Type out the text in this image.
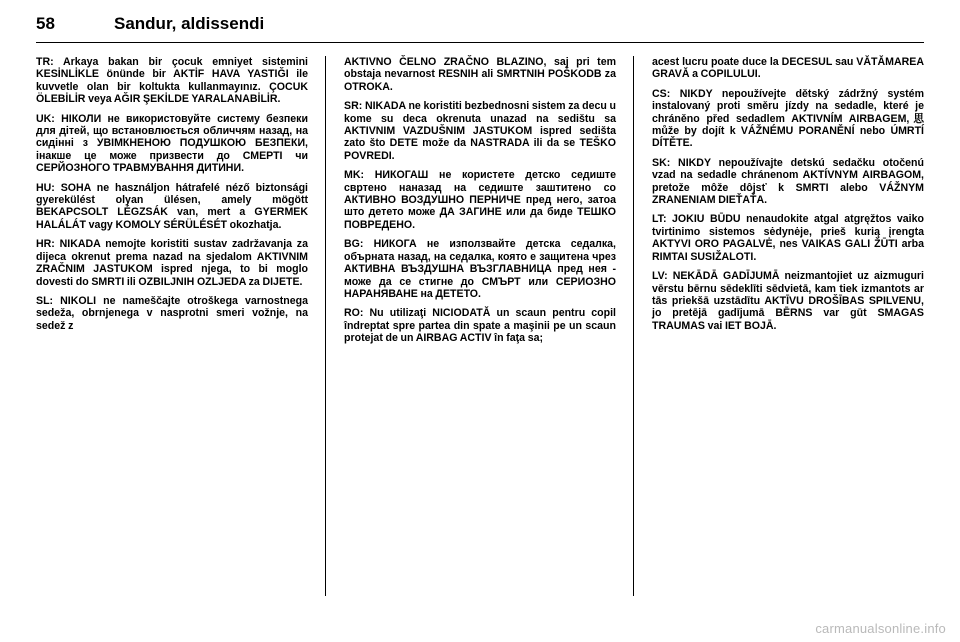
58	Sandur, aldissendi

TR: Arkaya bakan bir çocuk emniyet sistemini KESİNLİKLE önünde bir AKTİF HAVA YASTIĞI ile kuvvetle olan bir koltukta kullanmayınız. ÇOCUK ÖLEBİLİR veya AĞIR ŞEKİLDE YARALANABİLİR.

UK: НІКОЛИ не використовуйте систему безпеки для дітей, що встановлюється обличчям назад, на сидінні з УВІМКНЕНОЮ ПОДУШКОЮ БЕЗПЕКИ, інакше це може призвести до СМЕРТІ чи СЕРЙОЗНОГО ТРАВМУВАННЯ ДИТИНИ.

HU: SOHA ne használjon hátrafelé néző biztonsági gyerekülést olyan ülésen, amely mögött BEKAPCSOLT LÉGZSÁK van, mert a GYERMEK HALÁLÁT vagy KOMOLY SÉRÜLÉSÉT okozhatja.

HR: NIKADA nemojte koristiti sustav zadržavanja za dijeca okrenut prema nazad na sjedalom AKTIVNIM ZRAČNIM JASTUKOM ispred njega, to bi moglo dovesti do SMRTI ili OZBILJNIH OZLJEDA za DIJETE.

SL: NIKOLI ne nameščajte otroškega varnostnega sedeža, obrnjenega v nasprotni smeri vožnje, na sedež z

AKTIVNO ČELNO ZRAČNO BLAZINO, saj pri tem obstaja nevarnost RESNIH ali SMRTNIH POŠKODB za OTROKA.

SR: NIKADA ne koristiti bezbednosni sistem za decu u kome su deca okrenuta unazad na sedištu sa AKTIVNIM VAZDUŠNIM JASTUKOM ispred sedišta zato što DETE može da NASTRADA ili da se TEŠKO POVREDI.

MK: НИКОГАШ не користете детско седиште свртено наназад на седиште заштитено со АКТИВНО ВОЗДУШНО ПЕРНИЧЕ пред него, затоа што детето може ДА ЗАГИНЕ или да биде ТЕШКО ПОВРЕДЕНО.

BG: НИКОГА не използвайте детска седалка, обърната назад, на седалка, която е защитена чрез АКТИВНА ВЪЗДУШНА ВЪЗГЛАВНИЦА пред нея - може да се стигне до СМЪРТ или СЕРИОЗНО НАРАНЯВАНЕ на ДЕТЕТО.

RO: Nu utilizaţi NICIODATĂ un scaun pentru copil îndreptat spre partea din spate a maşinii pe un scaun protejat de un AIRBAG ACTIV în faţa sa;

acest lucru poate duce la DECESUL sau VĂTĂMAREA GRAVĂ a COPILULUI.

CS: NIKDY nepoužívejte dětský zádržný systém instalovaný proti směru jízdy na sedadle, které je chráněno před sedadlem AKTIVNÍM AIRBAGEM,思může by dojít k VÁŽNÉMU PORANĚNÍ nebo ÚMRTÍ DÍTĚTE.

SK: NIKDY nepoužívajte detskú sedačku otočenú vzad na sedadle chránenom AKTÍVNYM AIRBAGOM, pretože môže dôjsť k SMRTI alebo VÁŽNYM ZRANENIAM DIEŤAŤA.

LT: JOKIU BŪDU nenaudokite atgal atgręžtos vaiko tvirtinimo sistemos sėdynėje, prieš kurią įrengta AKTYVI ORO PAGALVĖ, nes VAIKAS GALI ŽŪTI arba RIMTAI SUSIŽALOTI.

LV: NEKĀDĀ GADĪJUMĀ neizmantojiet uz aizmuguri vērstu bērnu sēdeklīti sēdvietā, kam tiek izmantots ar tās priekšā uzstādītu AKTĪVU DROŠĪBAS SPILVENU, jo pretējā gadījumā BĒRNS var gūt SMAGAS TRAUMAS vai IET BOJĀ.

carmanualsonline.info
